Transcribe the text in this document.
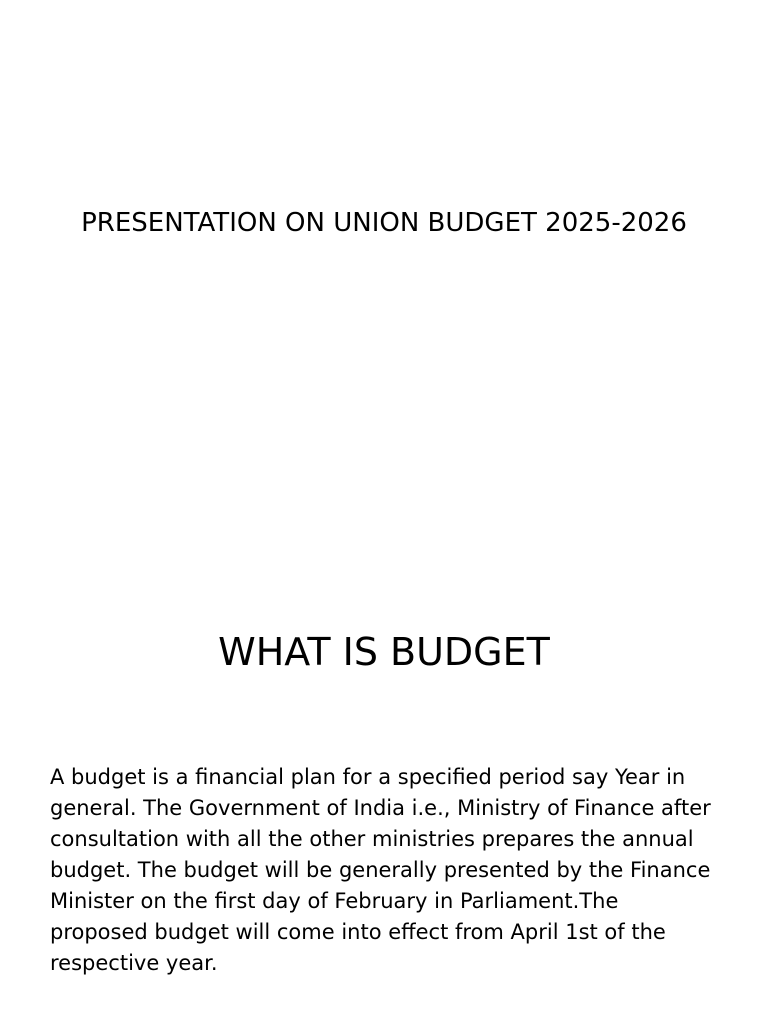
PRESENTATION ON UNION BUDGET 2025-2026
WHAT IS BUDGET

A budget is a financial plan for a specified period say Year in general. The Government of India i.e., Ministry of Finance after consultation with all the other ministries prepares the annual budget. The budget will be generally presented by the Finance Minister on the first day of February in Parliament.The proposed budget will come into effect from April 1st of the respective year.
